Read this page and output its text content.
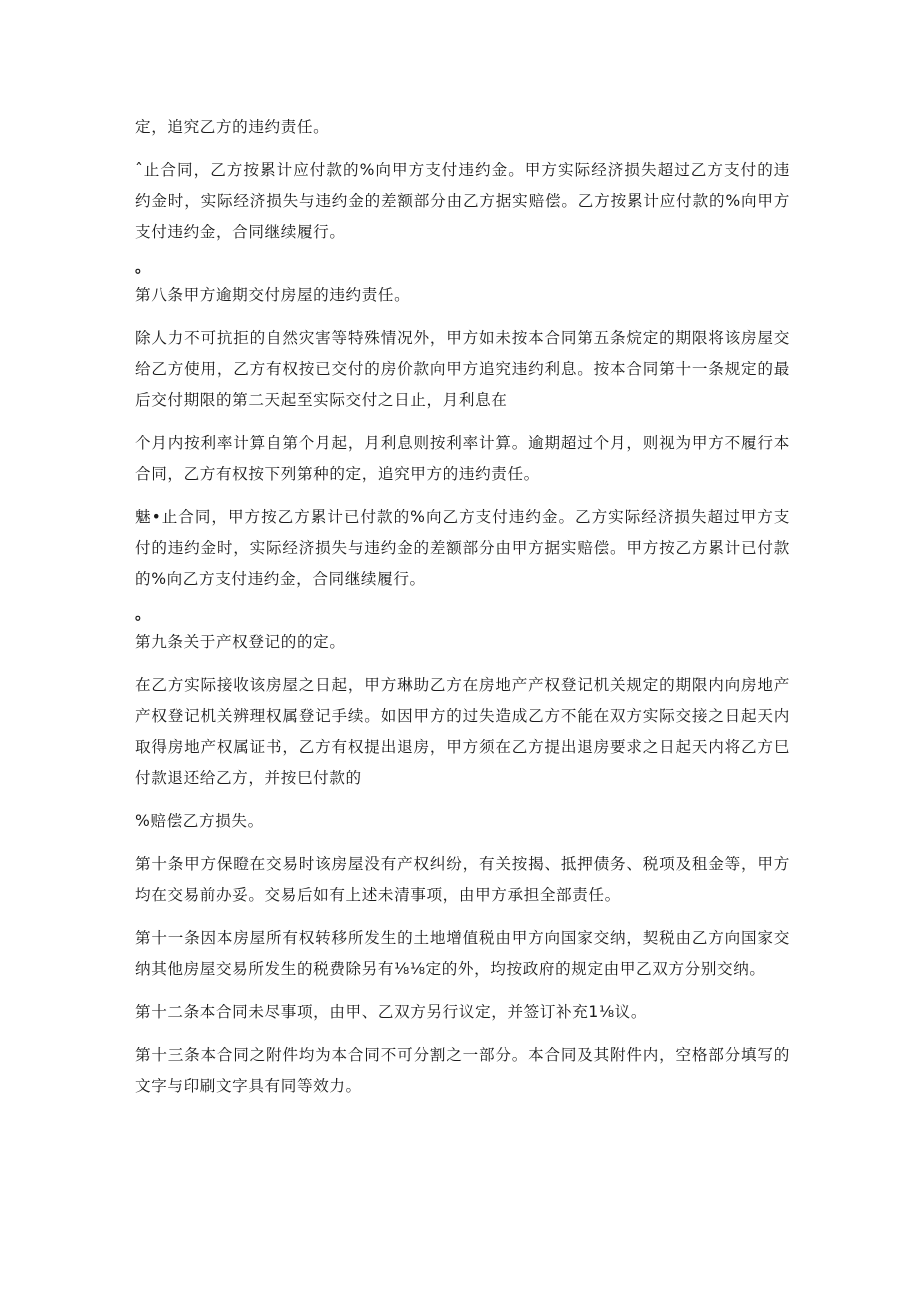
定，追究乙方的违约责任。

ˆ止合同，乙方按累计应付款的%向甲方支付违约金。甲方实际经济损失超过乙方支付的违约金时，实际经济损失与违约金的差额部分由乙方据实赔偿。乙方按累计应付款的%向甲方支付违约金，合同继续履行。

。

第八条甲方逾期交付房屋的违约责任。

除人力不可抗拒的自然灾害等特殊情况外，甲方如未按本合同第五条烷定的期限将该房屋交给乙方使用，乙方有权按已交付的房价款向甲方追究违约利息。按本合同第十一条规定的最后交付期限的第二天起至实际交付之日止，月利息在

个月内按利率计算自第个月起，月利息则按利率计算。逾期超过个月，则视为甲方不履行本合同，乙方有权按下列第种的定，追究甲方的违约责任。

魅•止合同，甲方按乙方累计已付款的%向乙方支付违约金。乙方实际经济损失超过甲方支付的违约金时，实际经济损失与违约金的差额部分由甲方据实赔偿。甲方按乙方累计已付款的%向乙方支付违约金，合同继续履行。

。

第九条关于产权登记的的定。

在乙方实际接收该房屋之日起，甲方琳助乙方在房地产产权登记机关规定的期限内向房地产产权登记机关辨理权属登记手续。如因甲方的过失造成乙方不能在双方实际交接之日起天内取得房地产权属证书，乙方有权提出退房，甲方须在乙方提出退房要求之日起天内将乙方巳付款退还给乙方，并按巳付款的

%赔偿乙方损失。

第十条甲方保瞪在交易时该房屋没有产权纠纷，有关按揭、抵押债务、税项及租金等，甲方均在交易前办妥。交易后如有上述未清事项，由甲方承担全部责任。

第十一条因本房屋所有权转移所发生的土地增值税由甲方向国家交纳，契税由乙方向国家交纳其他房屋交易所发生的税费除另有⅛⅛定的外，均按政府的规定由甲乙双方分别交纳。

第十二条本合同未尽事项，由甲、乙双方另行议定，并签订补充1⅛议。

第十三条本合同之附件均为本合同不可分割之一部分。本合同及其附件内，空格部分填写的文字与印刷文字具有同等效力。
